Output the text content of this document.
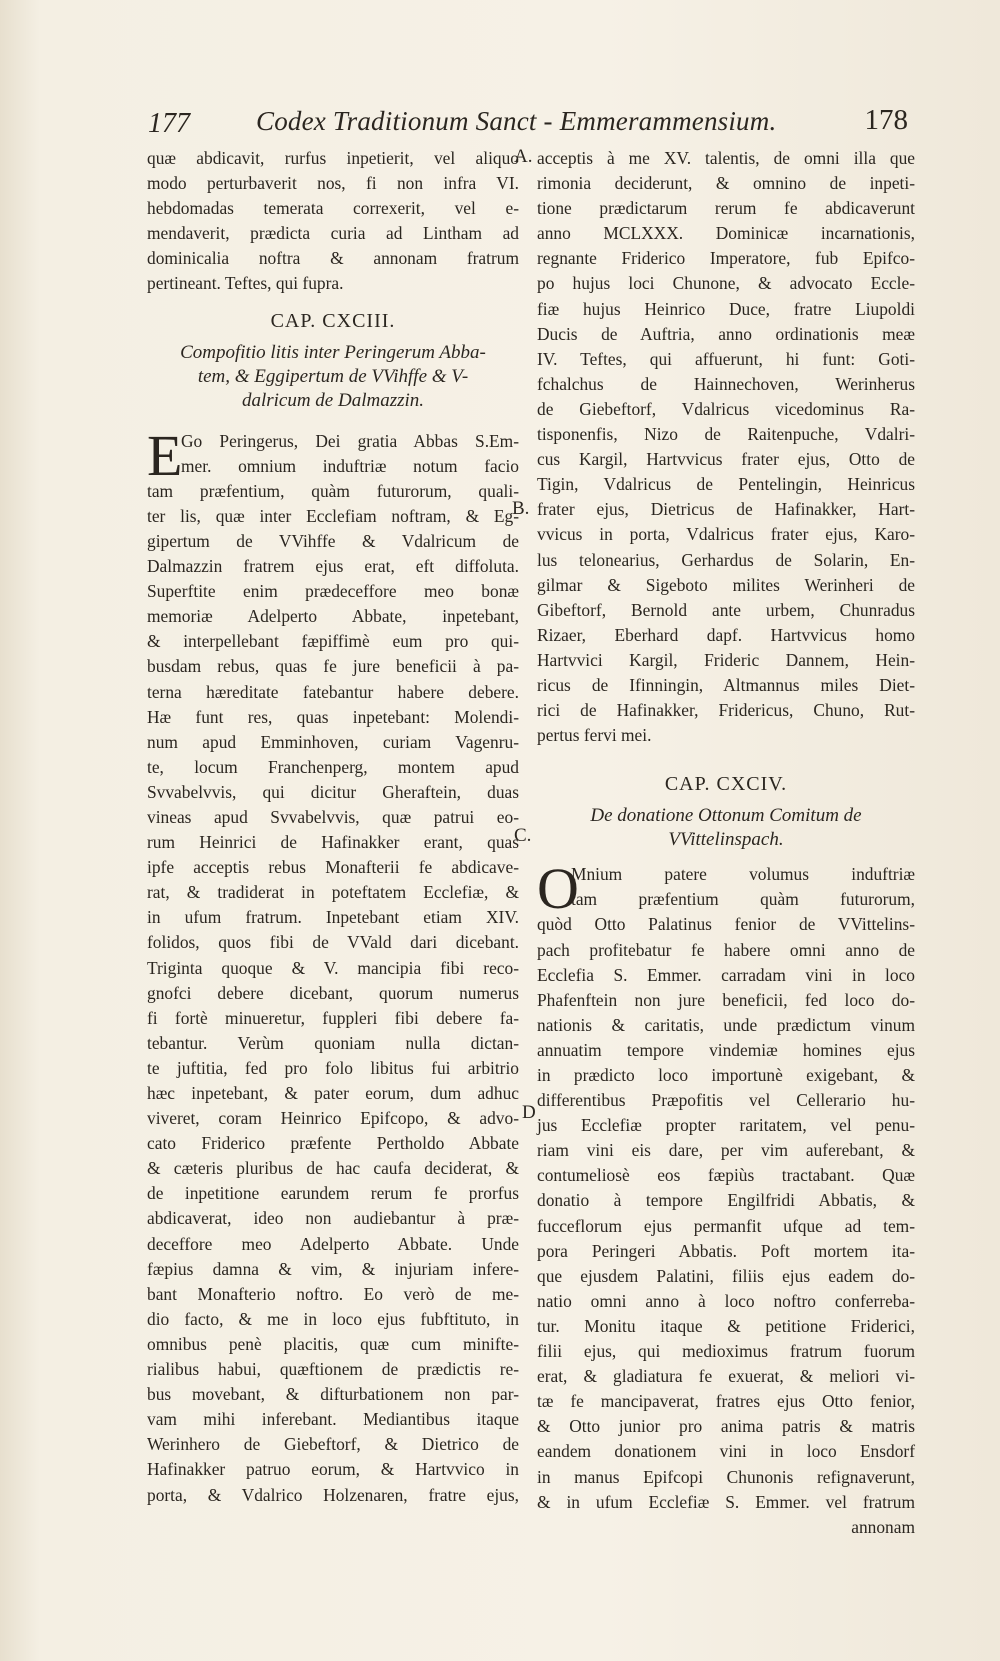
177 Codex Traditionum Sanct - Emmerammensium.	178
quæ abdicavit, rurfus inpetierit, vel aliquo
modo perturbaverit nos, fi non infra VI.
hebdomadas temerata correxerit, vel e-
mendaverit, prædicta curia ad Lintham ad
dominicalia noftra & annonam fratrum
pertineant. Teftes, qui fupra.
CAP. CXCIII.
Compofitio litis inter Peringerum Abba-
tem, & Eggipertum de VVihffe & V-
dalricum de Dalmazzin.
Go Peringerus, Dei gratia Abbas S.Em-
mer. omnium induftriæ notum facio
tam præfentium, quàm futurorum, quali-
ter lis, quæ inter Ecclefiam noftram, & Eg-
gipertum de VVihffe & Vdalricum de
Dalmazzin fratrem ejus erat, eft diffoluta.
Superftite enim prædeceffore meo bonæ
memoriæ Adelperto Abbate, inpetebant,
& interpellebant fæpiffimè eum pro qui-
busdam rebus, quas fe jure beneficii à pa-
terna hæreditate fatebantur habere debere.
Hæ funt res, quas inpetebant: Molendi-
num apud Emminhoven, curiam Vagenru-
te, locum Franchenperg, montem apud
Svvabelvvis, qui dicitur Gheraftein, duas
vineas apud Svvabelvvis, quæ patrui eo-
rum Heinrici de Hafinakker erant, quas
ipfe acceptis rebus Monafterii fe abdicave-
rat, & tradiderat in poteftatem Ecclefiæ, &
in ufum fratrum. Inpetebant etiam XIV.
folidos, quos fibi de VVald dari dicebant.
Triginta quoque & V. mancipia fibi reco-
gnofci debere dicebant, quorum numerus
fi fortè minueretur, fuppleri fibi debere fa-
tebantur. Verùm quoniam nulla dictan-
te juftitia, fed pro folo libitus fui arbitrio
hæc inpetebant, & pater eorum, dum adhuc
viveret, coram Heinrico Epifcopo, & advo-
cato Friderico præfente Pertholdo Abbate
& cæteris pluribus de hac caufa deciderat, &
de inpetitione earundem rerum fe prorfus
abdicaverat, ideo non audiebantur à præ-
deceffore meo Adelperto Abbate. Unde
fæpius damna & vim, & injuriam infere-
bant Monafterio noftro. Eo verò de me-
dio facto, & me in loco ejus fubftituto, in
omnibus penè placitis, quæ cum minifte-
rialibus habui, quæftionem de prædictis re-
bus movebant, & difturbationem non par-
vam mihi inferebant. Mediantibus itaque
Werinhero de Giebeftorf, & Dietrico de
Hafinakker patruo eorum, & Hartvvico in
porta, & Vdalrico Holzenaren, fratre ejus,
E
acceptis à me XV. talentis, de omni illa que
rimonia deciderunt, & omnino de inpeti-
tione prædictarum rerum fe abdicaverunt
anno MCLXXX. Dominicæ incarnationis,
regnante Friderico Imperatore, fub Epifco-
po hujus loci Chunone, & advocato Eccle-
fiæ hujus Heinrico Duce, fratre Liupoldi
Ducis de Auftria, anno ordinationis meæ
IV. Teftes, qui affuerunt, hi funt: Goti-
fchalchus de Hainnechoven, Werinherus
de Giebeftorf, Vdalricus vicedominus Ra-
tisponenfis, Nizo de Raitenpuche, Vdalri-
cus Kargil, Hartvvicus frater ejus, Otto de
Tigin, Vdalricus de Pentelingin, Heinricus
frater ejus, Dietricus de Hafinakker, Hart-
vvicus in porta, Vdalricus frater ejus, Karo-
lus telonearius, Gerhardus de Solarin, En-
gilmar & Sigeboto milites Werinheri de
Gibeftorf, Bernold ante urbem, Chunradus
Rizaer, Eberhard dapf. Hartvvicus homo
Hartvvici Kargil, Frideric Dannem, Hein-
ricus de Ifinningin, Altmannus miles Diet-
rici de Hafinakker, Fridericus, Chuno, Rut-
pertus fervi mei.
CAP. CXCIV.
De donatione Ottonum Comitum de
VVittelinspach.
Mnium patere volumus induftriæ
tam præfentium quàm futurorum,
quòd Otto Palatinus fenior de VVittelins-
pach profitebatur fe habere omni anno de
Ecclefia S. Emmer. carradam vini in loco
Phafenftein non jure beneficii, fed loco do-
nationis & caritatis, unde prædictum vinum
annuatim tempore vindemiæ homines ejus
in prædicto loco importunè exigebant, &
differentibus Præpofitis vel Cellerario hu-
jus Ecclefiæ propter raritatem, vel penu-
riam vini eis dare, per vim auferebant, &
contumeliosè eos fæpiùs tractabant. Quæ
donatio à tempore Engilfridi Abbatis, &
fucceflorum ejus permanfit ufque ad tem-
pora Peringeri Abbatis. Poft mortem ita-
que ejusdem Palatini, filiis ejus eadem do-
natio omni anno à loco noftro conferreba-
tur. Monitu itaque & petitione Friderici,
filii ejus, qui medioximus fratrum fuorum
erat, & gladiatura fe exuerat, & meliori vi-
tæ fe mancipaverat, fratres ejus Otto fenior,
& Otto junior pro anima patris & matris
eandem donationem vini in loco Ensdorf
in manus Epifcopi Chunonis refignaverunt,
& in ufum Ecclefiæ S. Emmer. vel fratrum
O
annonam
A.
B.
C.
D
